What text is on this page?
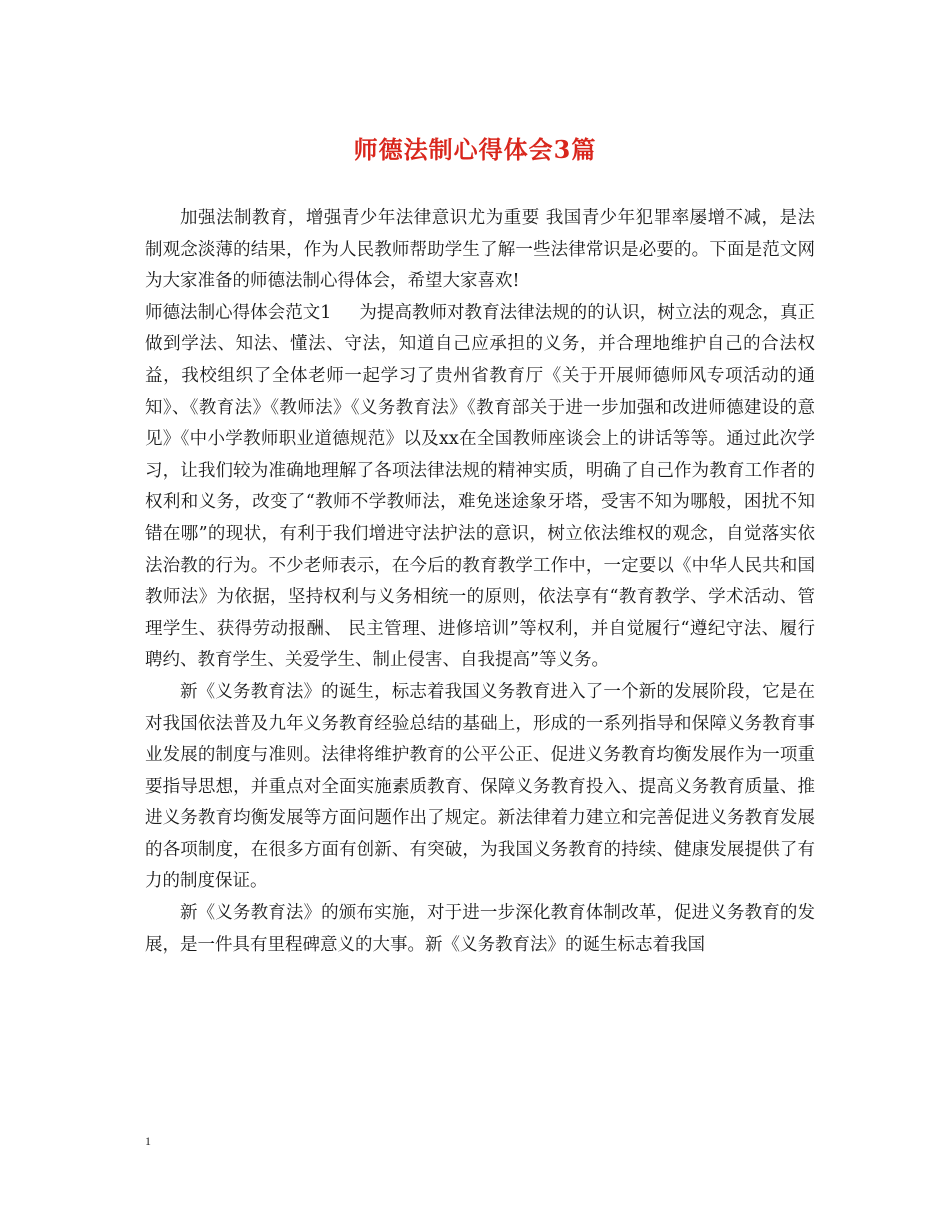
师德法制心得体会3篇

加强法制教育，增强青少年法律意识尤为重要 我国青少年犯罪率屡增不减，是法制观念淡薄的结果，作为人民教师帮助学生了解一些法律常识是必要的。下面是范文网为大家准备的师德法制心得体会，希望大家喜欢!

师德法制心得体会范文1 为提高教师对教育法律法规的的认识，树立法的观念，真正做到学法、知法、懂法、守法，知道自己应承担的义务，并合理地维护自己的合法权益，我校组织了全体老师一起学习了贵州省教育厅《关于开展师德师风专项活动的通知》、《教育法》《教师法》《义务教育法》《教育部关于进一步加强和改进师德建设的意见》《中小学教师职业道德规范》以及xx在全国教师座谈会上的讲话等等。通过此次学习，让我们较为准确地理解了各项法律法规的精神实质，明确了自己作为教育工作者的权利和义务，改变了“教师不学教师法，难免迷途象牙塔，受害不知为哪般，困扰不知错在哪”的现状，有利于我们增进守法护法的意识，树立依法维权的观念，自觉落实依法治教的行为。不少老师表示，在今后的教育教学工作中，一定要以《中华人民共和国教师法》为依据，坚持权利与义务相统一的原则，依法享有“教育教学、学术活动、管理学生、获得劳动报酬、 民主管理、进修培训”等权利，并自觉履行“遵纪守法、履行聘约、教育学生、关爱学生、制止侵害、自我提高”等义务。

新《义务教育法》的诞生，标志着我国义务教育进入了一个新的发展阶段，它是在对我国依法普及九年义务教育经验总结的基础上，形成的一系列指导和保障义务教育事业发展的制度与准则。法律将维护教育的公平公正、促进义务教育均衡发展作为一项重要指导思想，并重点对全面实施素质教育、保障义务教育投入、提高义务教育质量、推进义务教育均衡发展等方面问题作出了规定。新法律着力建立和完善促进义务教育发展的各项制度，在很多方面有创新、有突破，为我国义务教育的持续、健康发展提供了有力的制度保证。

新《义务教育法》的颁布实施，对于进一步深化教育体制改革，促进义务教育的发展，是一件具有里程碑意义的大事。新《义务教育法》的诞生标志着我国

1
